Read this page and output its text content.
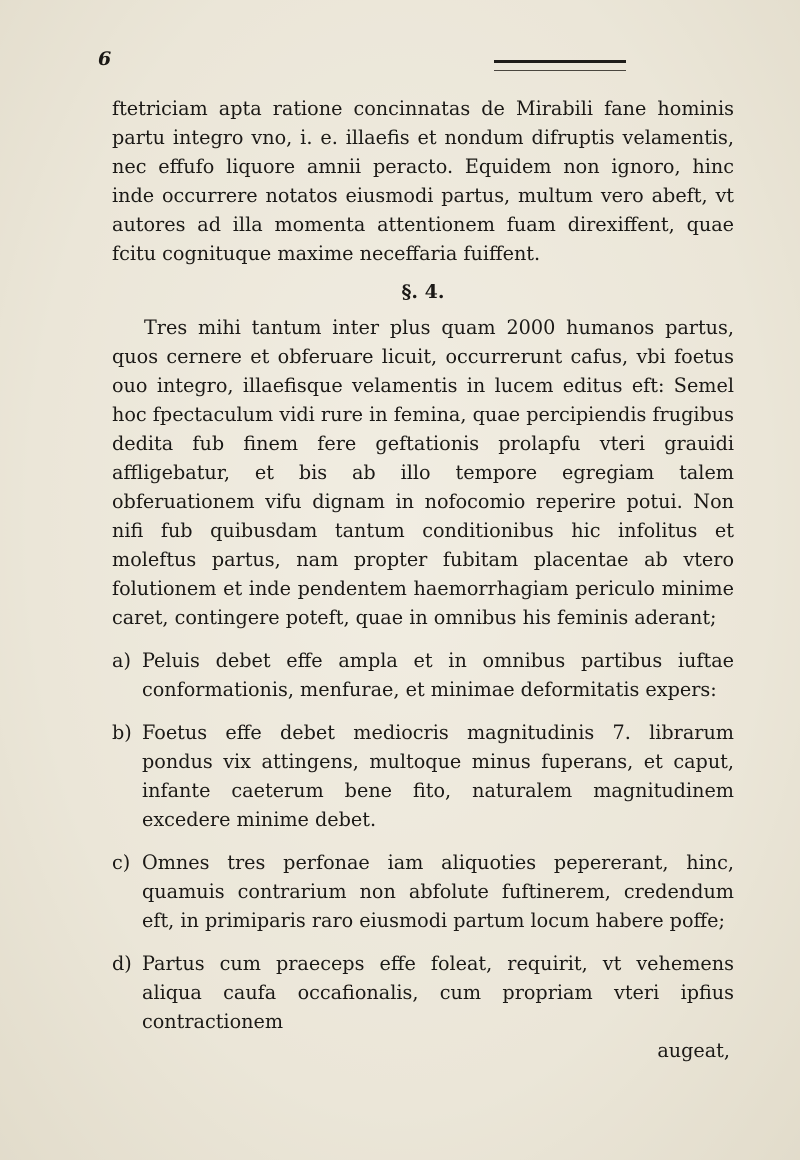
6

ftetriciam apta ratione concinnatas de Mirabili fane hominis partu integro vno, i. e. illaefis et nondum difruptis velamentis, nec effufo liquore amnii peracto. Equidem non ignoro, hinc inde occurrere notatos eiusmodi partus, multum vero abeft, vt autores ad illa momenta attentionem fuam direxiffent, quae fcitu cognituque maxime neceffaria fuiffent.

§. 4.

Tres mihi tantum inter plus quam 2000 humanos partus, quos cernere et obferuare licuit, occurrerunt cafus, vbi foetus ouo integro, illaefisque velamentis in lucem editus eft: Semel hoc fpectaculum vidi rure in femina, quae percipiendis frugibus dedita fub finem fere geftationis prolapfu vteri grauidi affligebatur, et bis ab illo tempore egregiam talem obferuationem vifu dignam in nofocomio reperire potui. Non nifi fub quibusdam tantum conditionibus hic infolitus et moleftus partus, nam propter fubitam placentae ab vtero folutionem et inde pendentem haemorrhagiam periculo minime caret, contingere poteft, quae in omnibus his feminis aderant;

a) Peluis debet effe ampla et in omnibus partibus iuftae conformationis, menfurae, et minimae deformitatis expers:
b) Foetus effe debet mediocris magnitudinis 7. librarum pondus vix attingens, multoque minus fuperans, et caput, infante caeterum bene fito, naturalem magnitudinem excedere minime debet.
c) Omnes tres perfonae iam aliquoties pepererant, hinc, quamuis contrarium non abfolute fuftinerem, credendum eft, in primiparis raro eiusmodi partum locum habere poffe;
d) Partus cum praeceps effe foleat, requirit, vt vehemens aliqua caufa occafionalis, cum propriam vteri ipfius contractionem

augeat,
